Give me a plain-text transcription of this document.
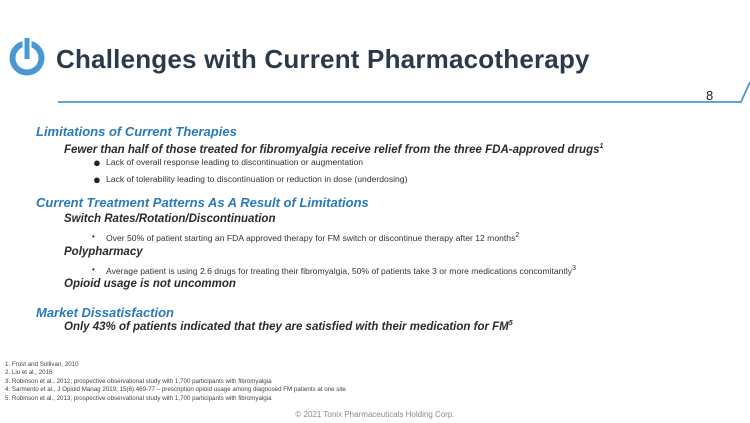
Challenges with Current Pharmacotherapy
8
Limitations of Current Therapies
Fewer than half of those treated for fibromyalgia receive relief from the three FDA-approved drugs$^1$
● Lack of overall response leading to discontinuation or augmentation
● Lack of tolerability leading to discontinuation or reduction in dose (underdosing)
Current Treatment Patterns As A Result of Limitations
Switch Rates/Rotation/Discontinuation
• Over 50% of patient starting an FDA approved therapy for FM switch or discontinue therapy after 12 months$^2$
Polypharmacy
• Average patient is using 2.6 drugs for treating their fibromyalgia, 50% of patients take 3 or more medications concomitantly$^3$
Opioid usage is not uncommon
Market Dissatisfaction
Only 43% of patients indicated that they are satisfied with their medication for $FM^5$
1. Frost and Sullivan, 2010
2. Liu et al., 2016
3. Robinson et al., 2012; prospective observational study with 1,700 participants with fibromyalgia
4. Sarmento et al., J Opioid Manag 2019; 15(6):469-77 – prescription opioid usage among diagnosed FM patients at one site
5. Robinson et al., 2013; prospective observational study with 1,700 participants with fibromyalgia
© 2021 Tonix Pharmaceuticals Holding Corp.
